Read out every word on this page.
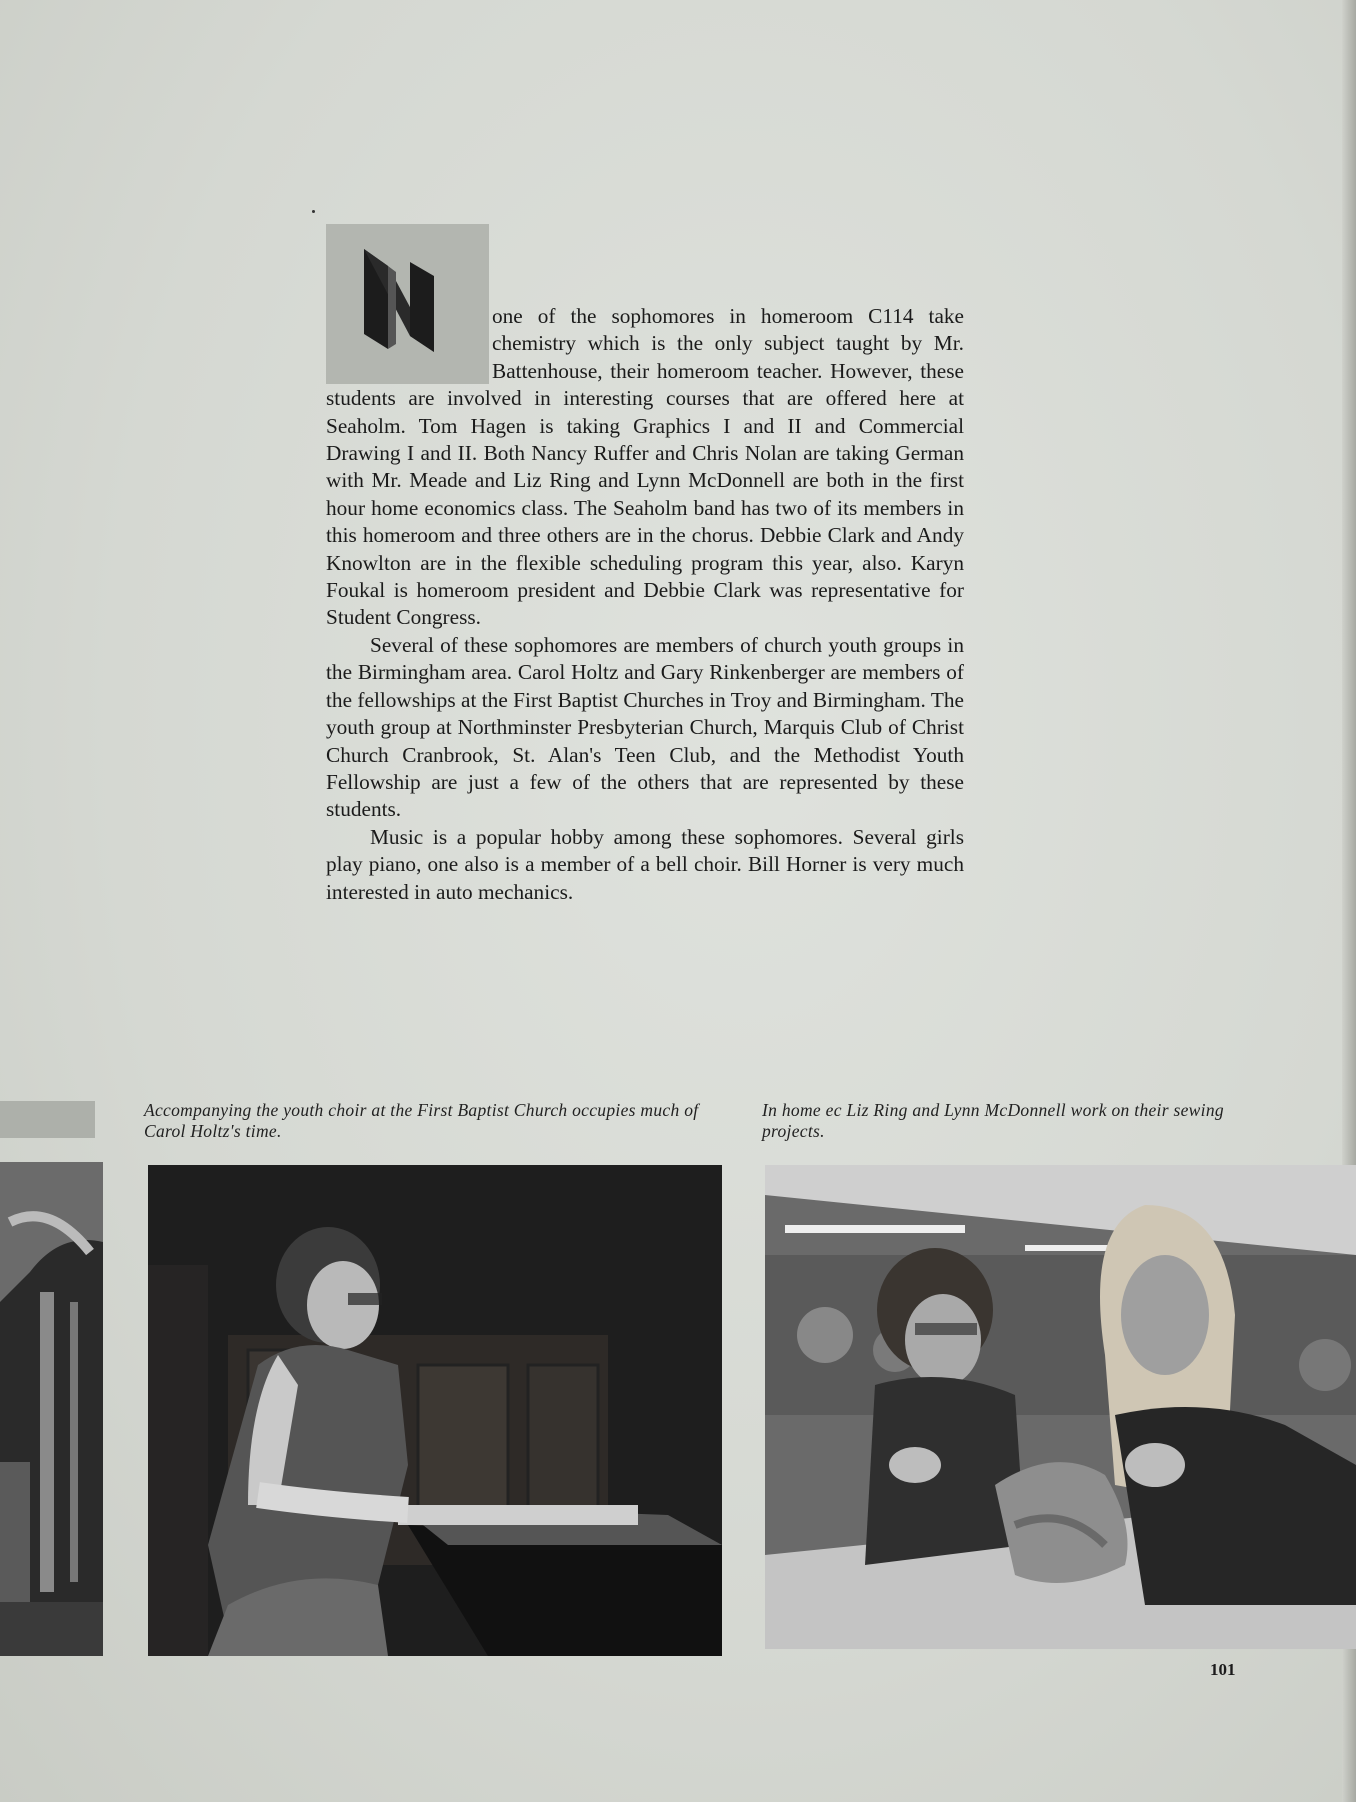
one of the sophomores in homeroom C114 take chemistry which is the only subject taught by Mr. Battenhouse, their homeroom teacher. However, these students are involved in interesting courses that are offered here at Seaholm. Tom Hagen is taking Graphics I and II and Commercial Drawing I and II. Both Nancy Ruffer and Chris Nolan are taking German with Mr. Meade and Liz Ring and Lynn McDonnell are both in the first hour home economics class. The Seaholm band has two of its members in this homeroom and three others are in the chorus. Debbie Clark and Andy Knowlton are in the flexible scheduling program this year, also. Karyn Foukal is homeroom president and Debbie Clark was representative for Student Congress.

Several of these sophomores are members of church youth groups in the Birmingham area. Carol Holtz and Gary Rinkenberger are members of the fellowships at the First Baptist Churches in Troy and Birmingham. The youth group at Northminster Presbyterian Church, Marquis Club of Christ Church Cranbrook, St. Alan's Teen Club, and the Methodist Youth Fellowship are just a few of the others that are represented by these students.

Music is a popular hobby among these sophomores. Several girls play piano, one also is a member of a bell choir. Bill Horner is very much interested in auto mechanics.

Accompanying the youth choir at the First Baptist Church occupies much of Carol Holtz's time.
In home ec Liz Ring and Lynn McDonnell work on their sewing projects.
101
